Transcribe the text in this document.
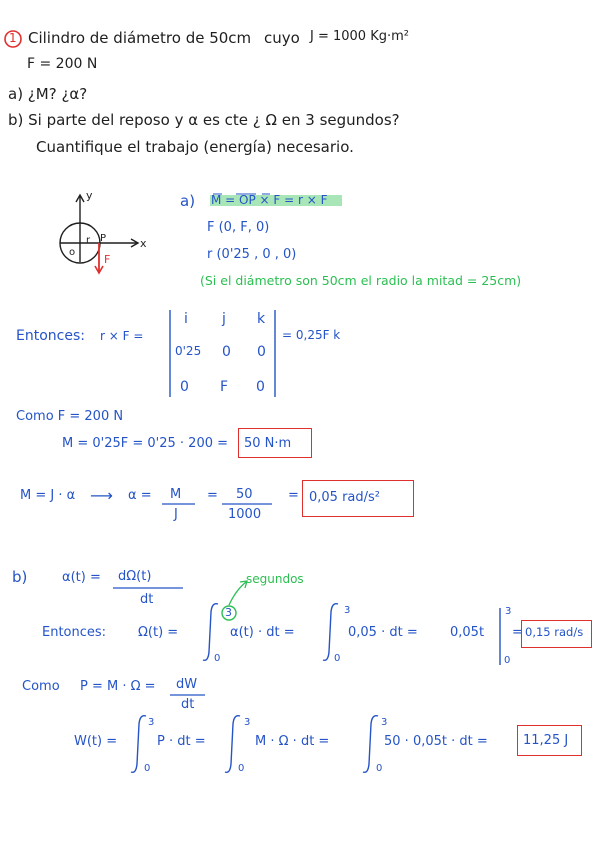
1 Cilindro de diámetro de 50cm cuyo J = 1000 Kg·m²
F = 200 N
a) ¿M? ¿α?
b) Si parte del reposo y α es cte ¿ Ω en 3 segundos?
Cuantifique el trabajo (energía) necesario.
y
x
o
r P
F
a) M = OP × F = r × F
F (0, F, 0)
r (0'25 , 0 , 0)
(Si el diámetro son 50cm el radio la mitad = 25cm)
Entonces: r × F =
i j k
0'25 0 0
0 F 0
= 0,25F k
Como F = 200 N
M = 0'25F = 0'25 · 200 = 50 N·m
M = J · α ⟶ α = M
J
= 50
1000
= 0,05 rad/s²
b)	α(t) = dΩ(t)
dt
segundos
Entonces: Ω(t) =
3
0
α(t) · dt =
3
0
0,05 · dt = 0,05t
3
0
= 0,15 rad/s
Como P = M · Ω = dW
dt
W(t) =
3
0
P · dt =
3
0
M · Ω · dt =
3
0
50 · 0,05t · dt =	11,25 J
